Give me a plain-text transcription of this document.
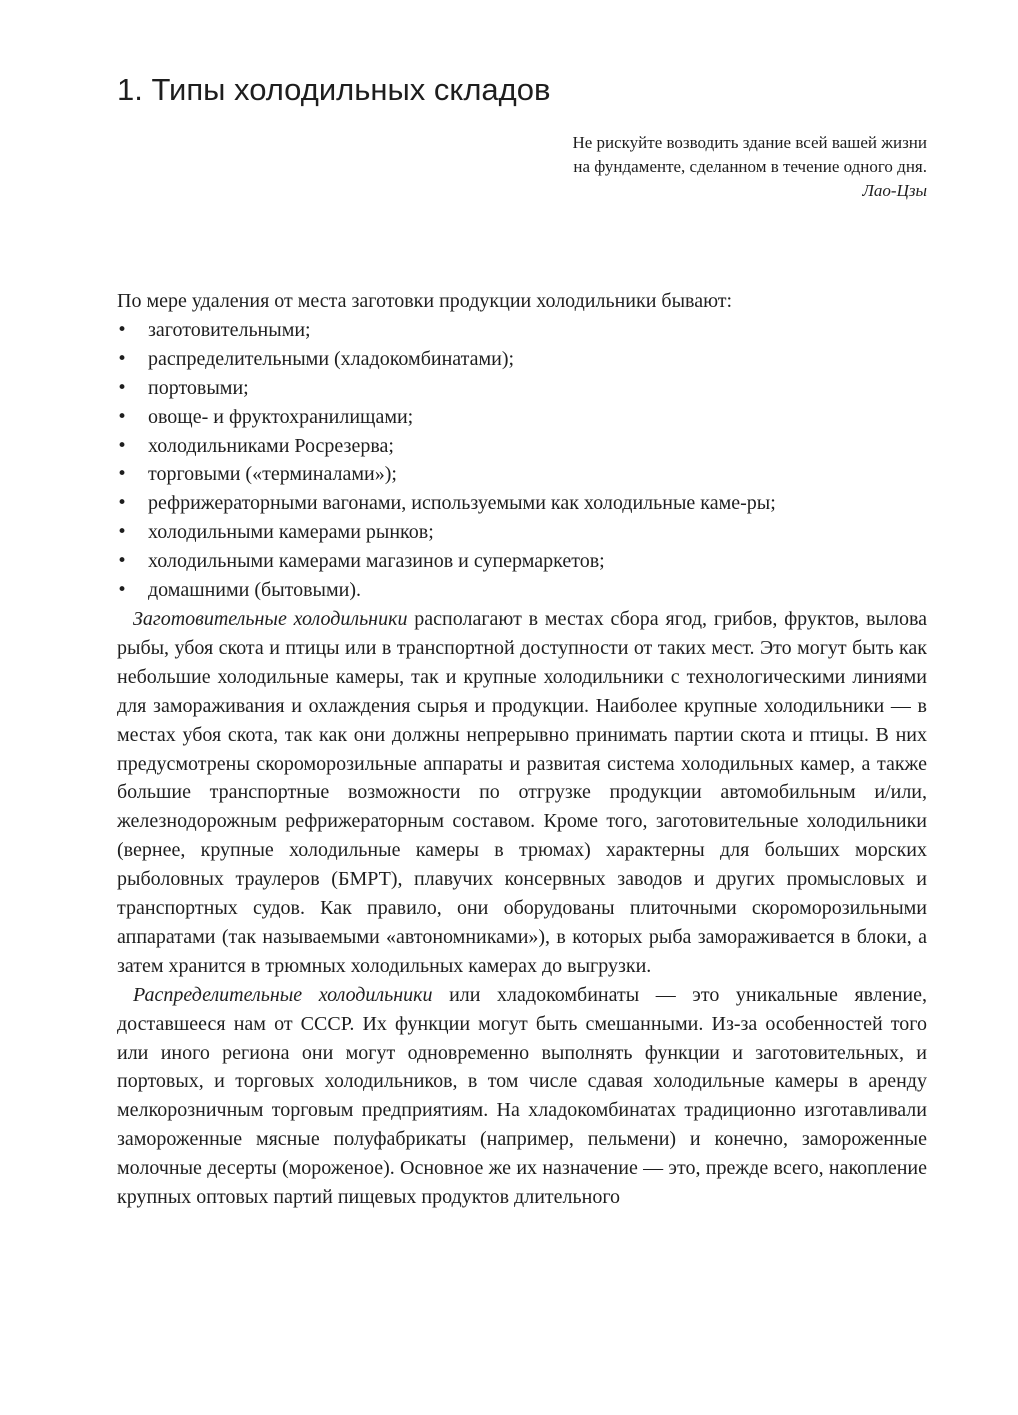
1. Типы холодильных складов
Не рискуйте возводить здание всей вашей жизни
на фундаменте, сделанном в течение одного дня.
Лао-Цзы

По мере удаления от места заготовки продукции холодильники бывают:

• заготовительными;
• распределительными (хладокомбинатами);
• портовыми;
• овоще- и фруктохранилищами;
• холодильниками Росрезерва;
• торговыми («терминалами»);
• рефрижераторными вагонами, используемыми как холодильные каме-ры;
• холодильными камерами рынков;
• холодильными камерами магазинов и супермаркетов;
• домашними (бытовыми).

Заготовительные холодильники располагают в местах сбора ягод, грибов, фруктов, вылова рыбы, убоя скота и птицы или в транспортной доступности от таких мест. Это могут быть как небольшие холодильные камеры, так и крупные холодильники с технологическими линиями для замораживания и охлаждения сырья и продукции. Наиболее крупные холодильники — в местах убоя скота, так как они должны непрерывно принимать партии скота и птицы. В них предусмотрены скороморозильные аппараты и развитая система холодильных камер, а также большие транспортные возможности по отгрузке продукции автомобильным и/или, железнодорожным рефрижераторным составом. Кроме того, заготовительные холодильники (вернее, крупные холодильные камеры в трюмах) характерны для больших морских рыболовных траулеров (БМРТ), плавучих консервных заводов и других промысловых и транспортных судов. Как правило, они оборудованы плиточными скороморозильными аппаратами (так называемыми «автономниками»), в которых рыба замораживается в блоки, а затем хранится в трюмных холодильных камерах до выгрузки.

Распределительные холодильники или хладокомбинаты — это уникальные явление, доставшееся нам от СССР. Их функции могут быть смешанными. Из-за особенностей того или иного региона они могут одновременно выполнять функции и заготовительных, и портовых, и торговых холодильников, в том числе сдавая холодильные камеры в аренду мелкорозничным торговым предприятиям. На хладокомбинатах традиционно изготавливали замороженные мясные полуфабрикаты (например, пельмени) и конечно, замороженные молочные десерты (мороженое). Основное же их назначение — это, прежде всего, накопление крупных оптовых партий пищевых продуктов длительного
